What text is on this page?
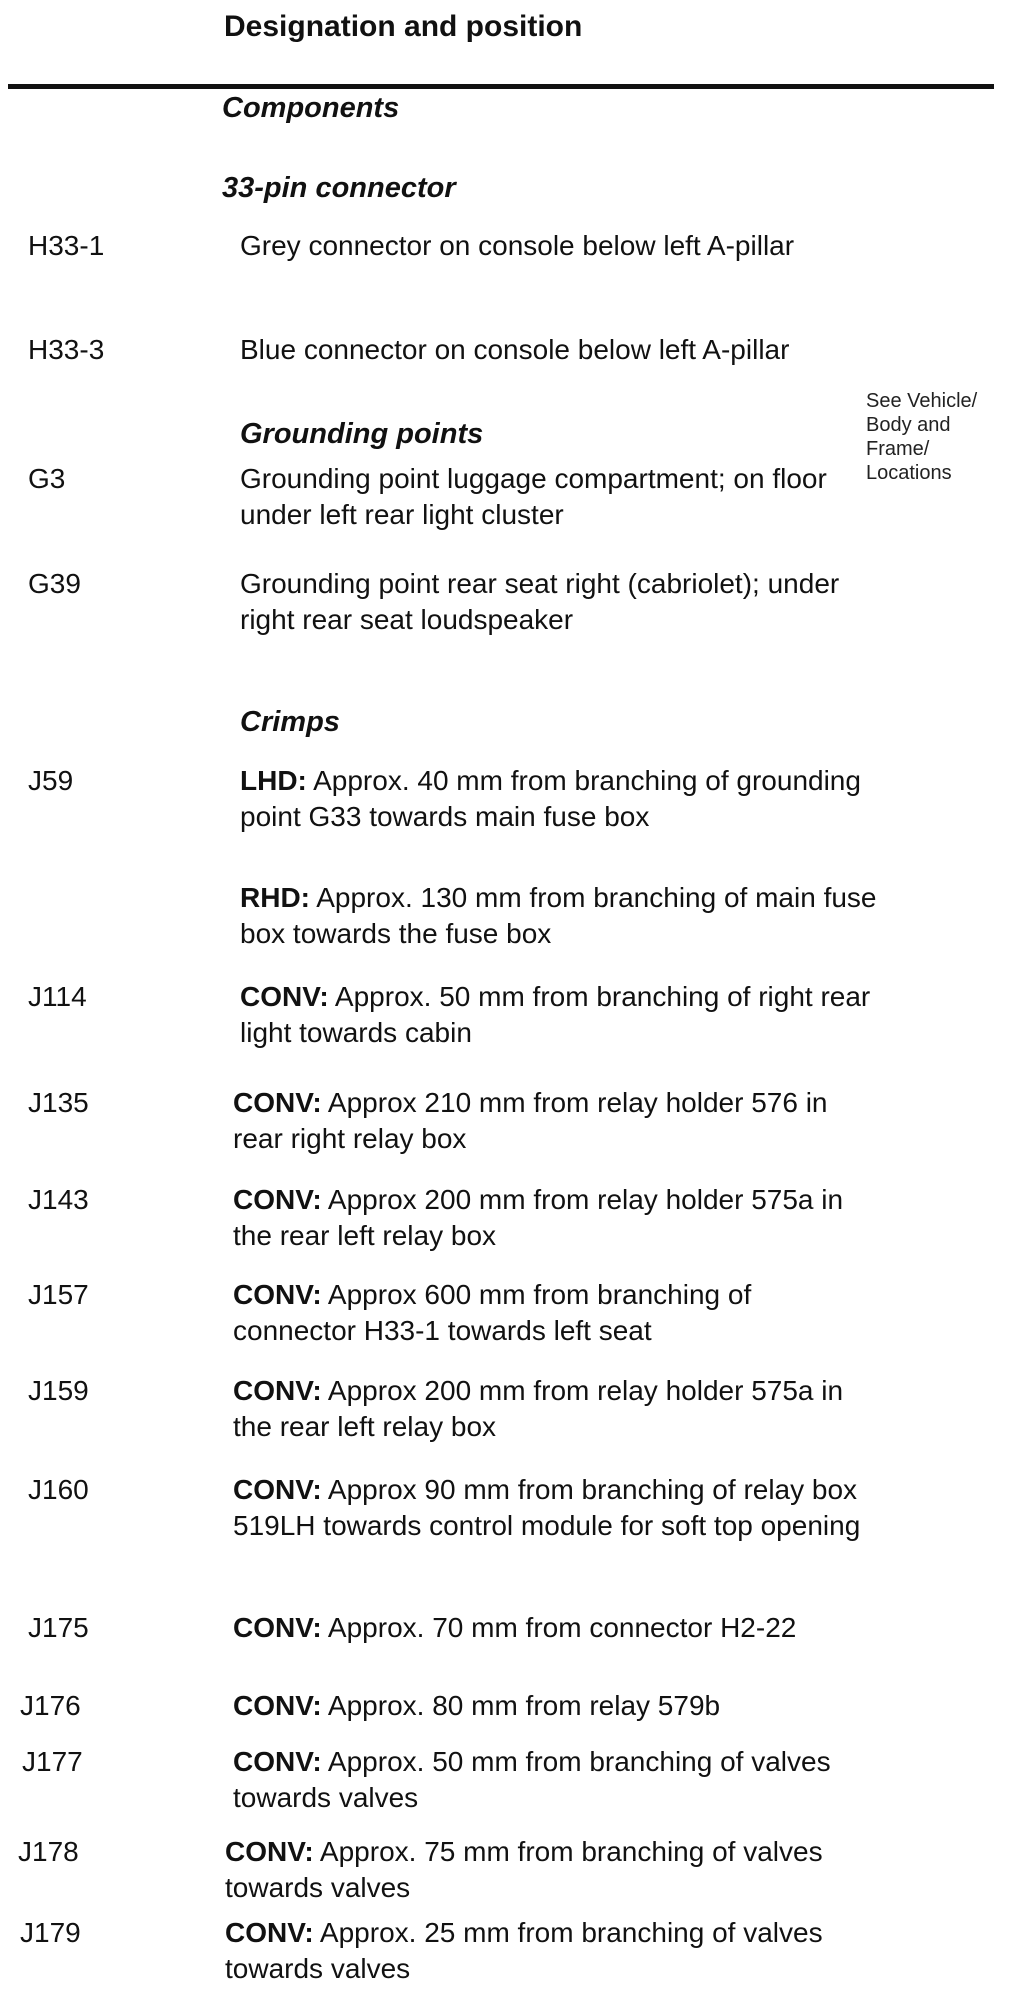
Designation and position
Components
33-pin connector
H33-1	Grey connector on console below left A-pillar
H33-3	Blue connector on console below left A-pillar
Grounding points
See Vehicle/ Body and Frame/ Locations
G3	Grounding point luggage compartment; on floor under left rear light cluster
G39	Grounding point rear seat right (cabriolet); under right rear seat loudspeaker
Crimps
J59	LHD: Approx. 40 mm from branching of grounding point G33 towards main fuse box
RHD: Approx. 130 mm from branching of main fuse box towards the fuse box
J114	CONV: Approx. 50 mm from branching of right rear light towards cabin
J135	CONV: Approx 210 mm from relay holder 576 in rear right relay box
J143	CONV: Approx 200 mm from relay holder 575a in the rear left relay box
J157	CONV: Approx 600 mm from branching of connector H33-1 towards left seat
J159	CONV: Approx 200 mm from relay holder 575a in the rear left relay box
J160	CONV: Approx 90 mm from branching of relay box 519LH towards control module for soft top opening
J175	CONV: Approx. 70 mm from connector H2-22
J176	CONV: Approx. 80 mm from relay 579b
J177	CONV: Approx. 50 mm from branching of valves towards valves
J178	CONV: Approx. 75 mm from branching of valves towards valves
J179	CONV: Approx. 25 mm from branching of valves towards valves
